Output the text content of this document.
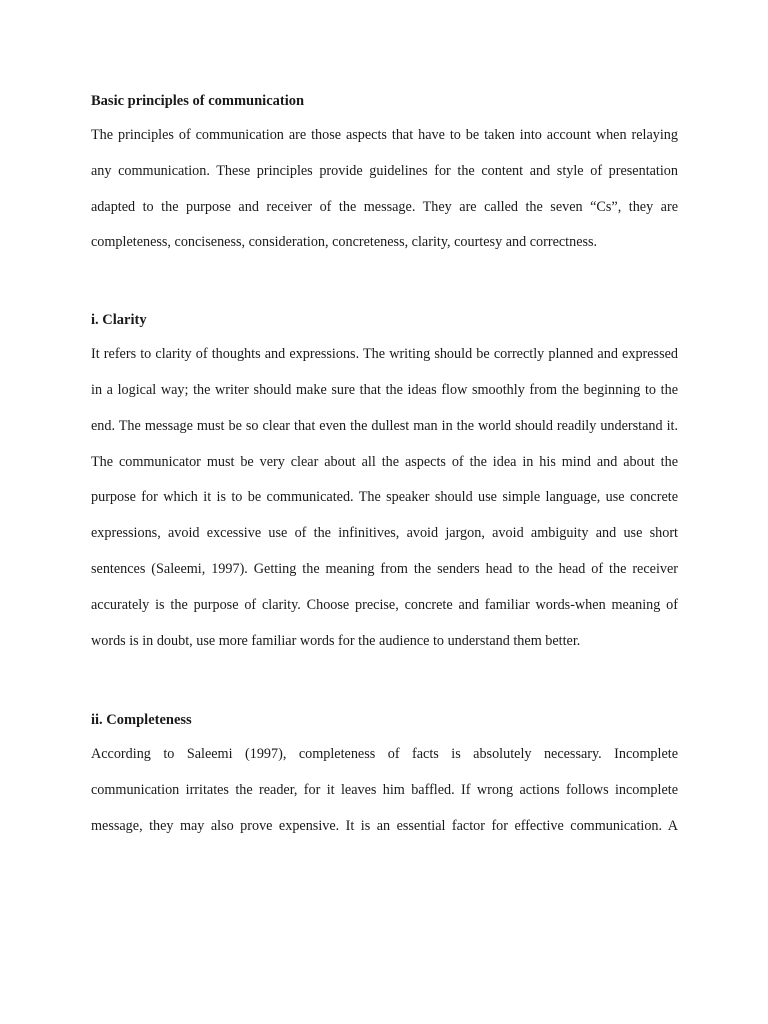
Basic principles of communication

The principles of communication are those aspects that have to be taken into account when relaying any communication. These principles provide guidelines for the content and style of presentation adapted to the purpose and receiver of the message. They are called the seven “Cs”, they are completeness, conciseness, consideration, concreteness, clarity, courtesy and correctness.

i. Clarity

It refers to clarity of thoughts and expressions. The writing should be correctly planned and expressed in a logical way; the writer should make sure that the ideas flow smoothly from the beginning to the end. The message must be so clear that even the dullest man in the world should readily understand it. The communicator must be very clear about all the aspects of the idea in his mind and about the purpose for which it is to be communicated. The speaker should use simple language, use concrete expressions, avoid excessive use of the infinitives, avoid jargon, avoid ambiguity and use short sentences (Saleemi, 1997). Getting the meaning from the senders head to the head of the receiver accurately is the purpose of clarity. Choose precise, concrete and familiar words-when meaning of words is in doubt, use more familiar words for the audience to understand them better.

ii. Completeness

According to Saleemi (1997), completeness of facts is absolutely necessary. Incomplete communication irritates the reader, for it leaves him baffled. If wrong actions follows incomplete message, they may also prove expensive. It is an essential factor for effective communication. A
